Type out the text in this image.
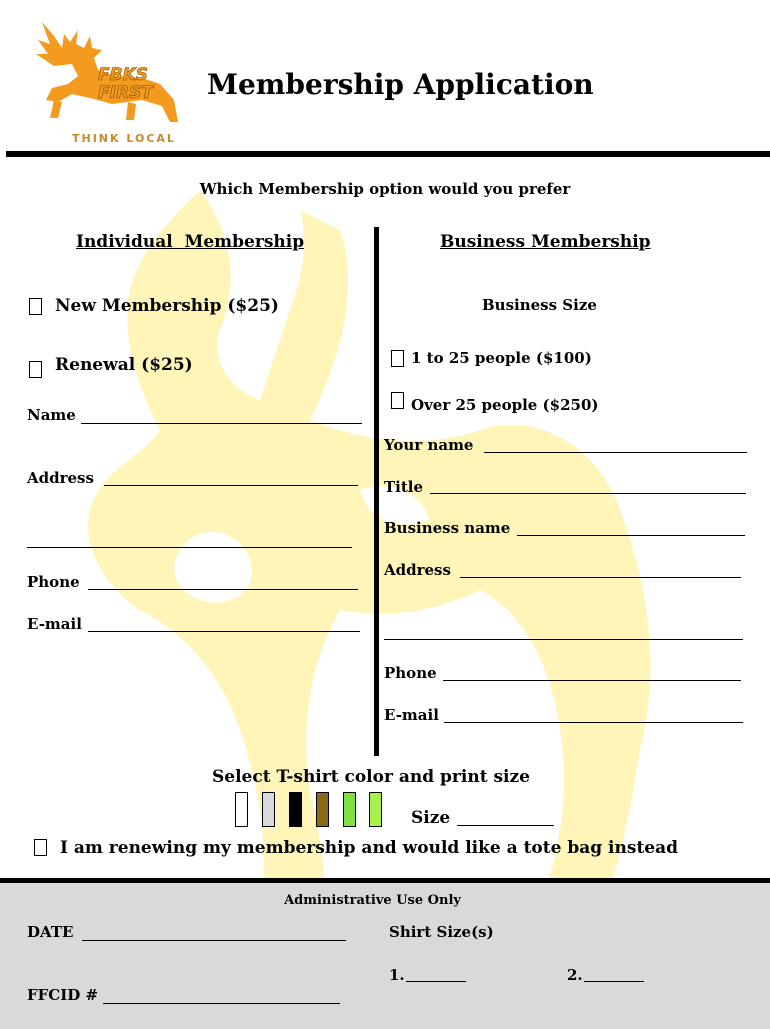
FBKS
FIRST
THINK LOCAL
Membership Application
Which Membership option would you prefer
Individual  Membership
New Membership ($25)
Renewal ($25)
Name
Address
Phone
E-mail
Business Membership
Business Size
1 to 25 people ($100)
Over 25 people ($250)
Your name
Title
Business name
Address
Phone
E-mail
Select T-shirt color and print size
Size
I am renewing my membership and would like a tote bag instead
Administrative Use Only
DATE	Shirt Size(s)
1.	2.
FFCID #
